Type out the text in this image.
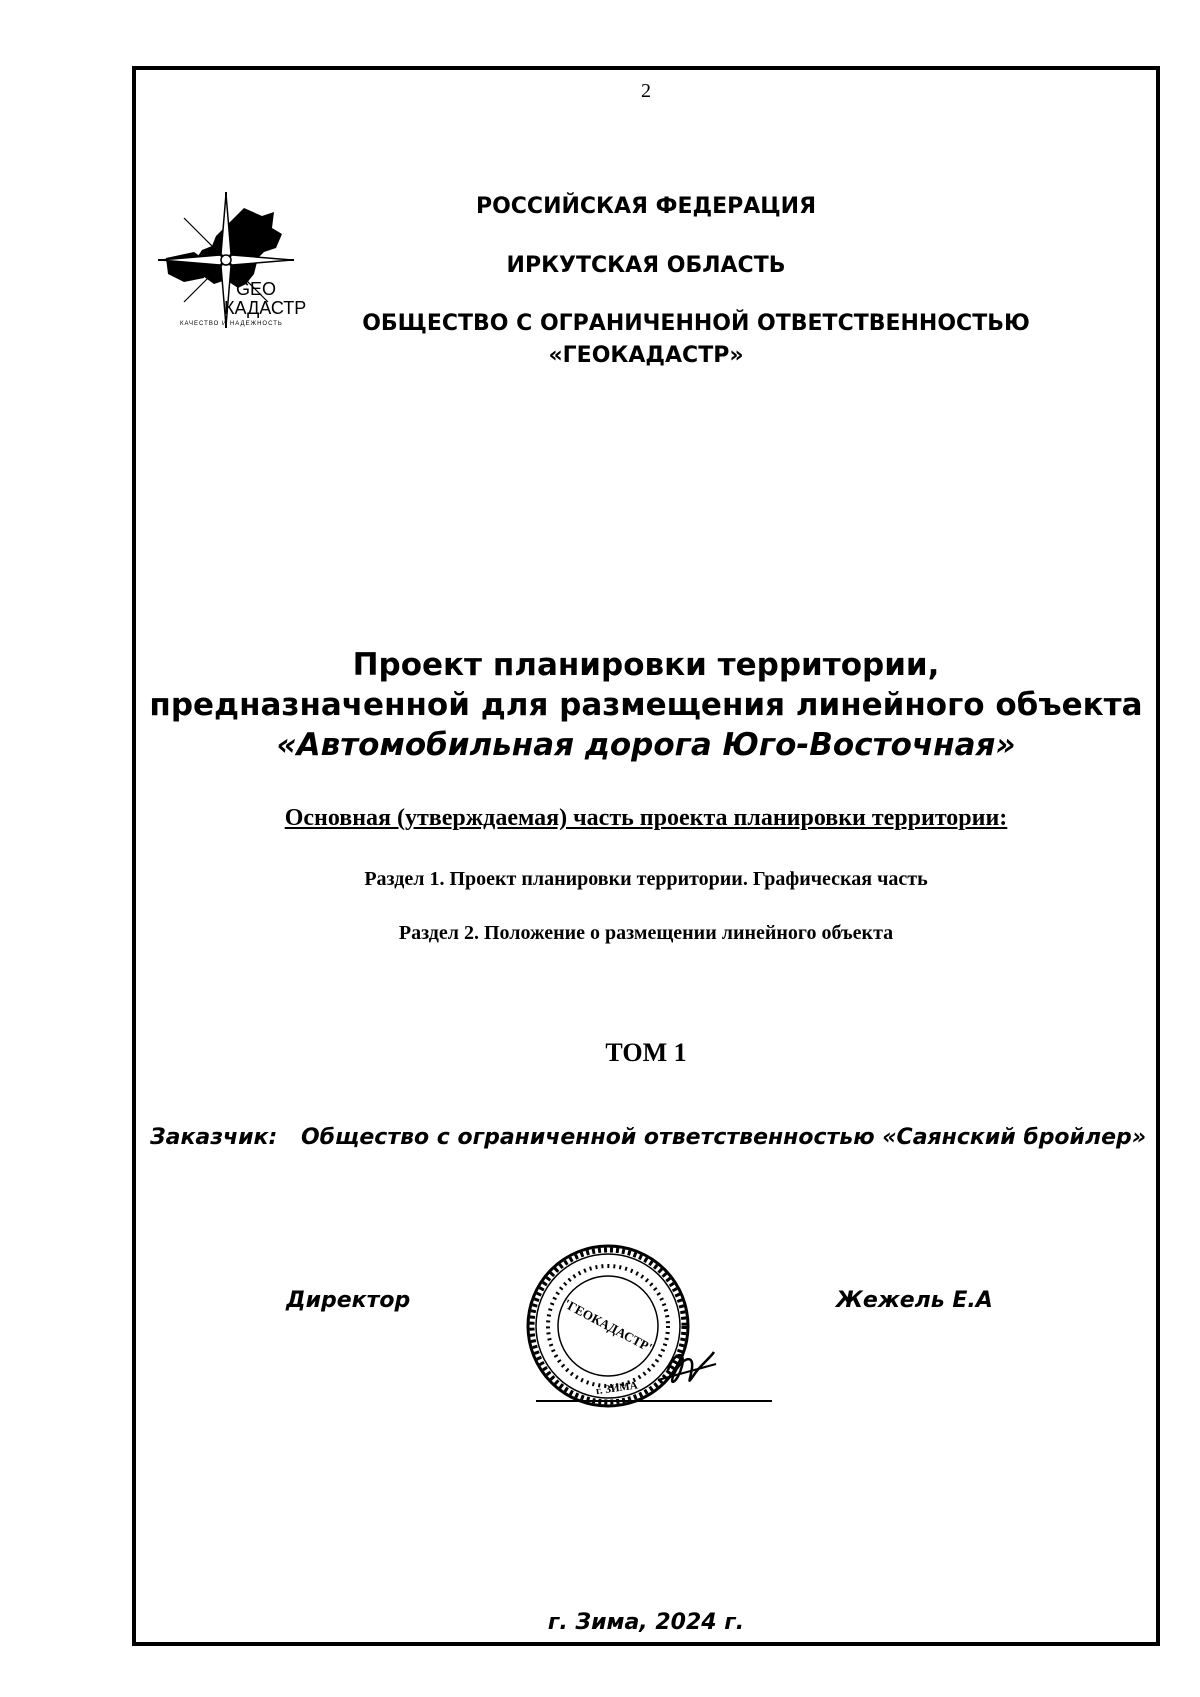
2
GEO
КАДАСТР
КАЧЕСТВО И НАДЕЖНОСТЬ
РОССИЙСКАЯ ФЕДЕРАЦИЯ
ИРКУТСКАЯ ОБЛАСТЬ
ОБЩЕСТВО С ОГРАНИЧЕННОЙ ОТВЕТСТВЕННОСТЬЮ
«ГЕОКАДАСТР»
Проект планировки территории,
предназначенной для размещения линейного объекта
«Автомобильная дорога Юго-Восточная»
Основная (утверждаемая) часть проекта планировки территории:
Раздел 1. Проект планировки территории. Графическая часть
Раздел 2. Положение о размещении линейного объекта
ТОМ 1
Заказчик: Общество с ограниченной ответственностью «Саянский бройлер»
"ГЕОКАДАСТР"
г. ЗИМА
Директор	Жежель Е.А
г. Зима, 2024 г.
